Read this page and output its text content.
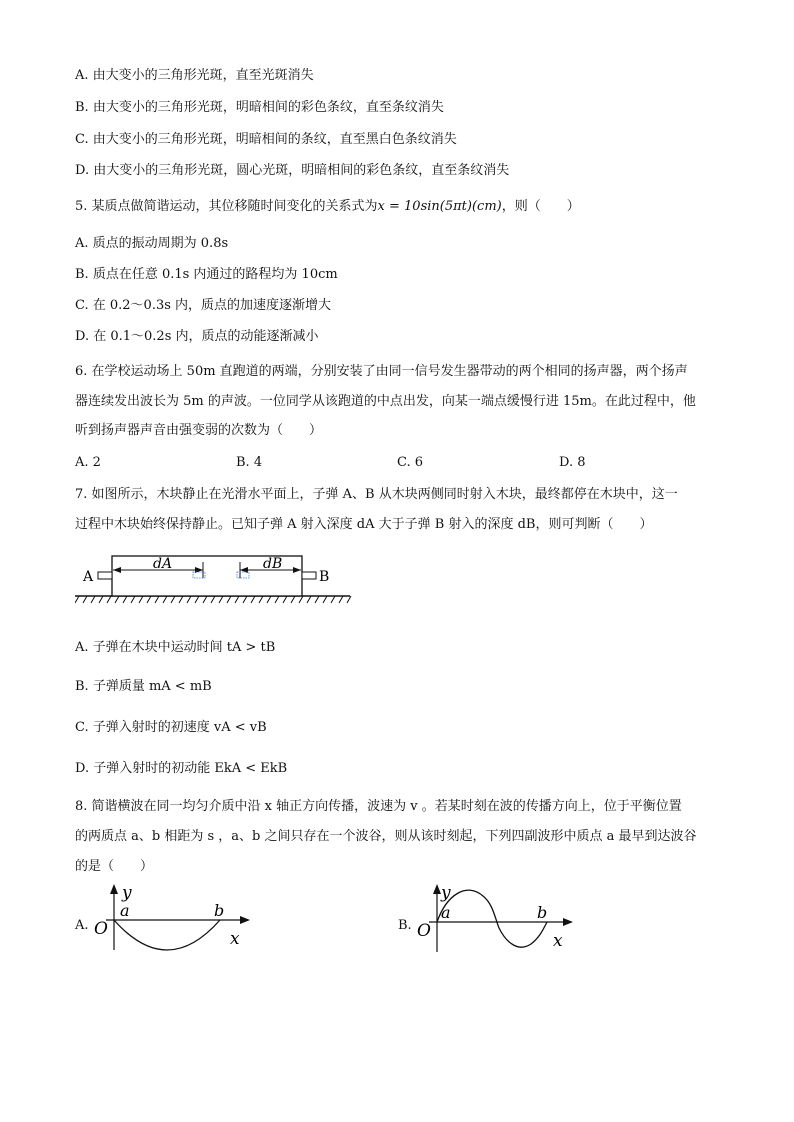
A. 由大变小的三角形光斑，直至光斑消失
B. 由大变小的三角形光斑，明暗相间的彩色条纹，直至条纹消失
C. 由大变小的三角形光斑，明暗相间的条纹，直至黑白色条纹消失
D. 由大变小的三角形光斑，圆心光斑，明暗相间的彩色条纹，直至条纹消失
5. 某质点做简谐运动，其位移随时间变化的关系式为x = 10sin(5πt)(cm)，则（　　）
A. 质点的振动周期为 0.8s
B. 质点在任意 0.1s 内通过的路程均为 10cm
C. 在 0.2～0.3s 内，质点的加速度逐渐增大
D. 在 0.1～0.2s 内，质点的动能逐渐减小
6. 在学校运动场上 50m 直跑道的两端，分别安装了由同一信号发生器带动的两个相同的扬声器，两个扬声
器连续发出波长为 5m 的声波。一位同学从该跑道的中点出发，向某一端点缓慢行进 15m。在此过程中，他
听到扬声器声音由强变弱的次数为（　　）
A. 2	B. 4	C. 6	D. 8
7. 如图所示，木块静止在光滑水平面上，子弹 A、B 从木块两侧同时射入木块，最终都停在木块中，这一
过程中木块始终保持静止。已知子弹 A 射入深度 dA 大于子弹 B 射入的深度 dB，则可判断（　　）
A	B
dA	dB
A. 子弹在木块中运动时间 tA > tB
B. 子弹质量 mA < mB
C. 子弹入射时的初速度 vA < vB
D. 子弹入射时的初动能 EkA < EkB
8. 简谐横波在同一均匀介质中沿 x 轴正方向传播，波速为 v 。若某时刻在波的传播方向上，位于平衡位置
的两质点 a、b 相距为 s ，a、b 之间只存在一个波谷，则从该时刻起，下列四副波形中质点 a 最早到达波谷
的是（　　）
A.
y
a	b
O	x
B.
y
a	b
O	x
